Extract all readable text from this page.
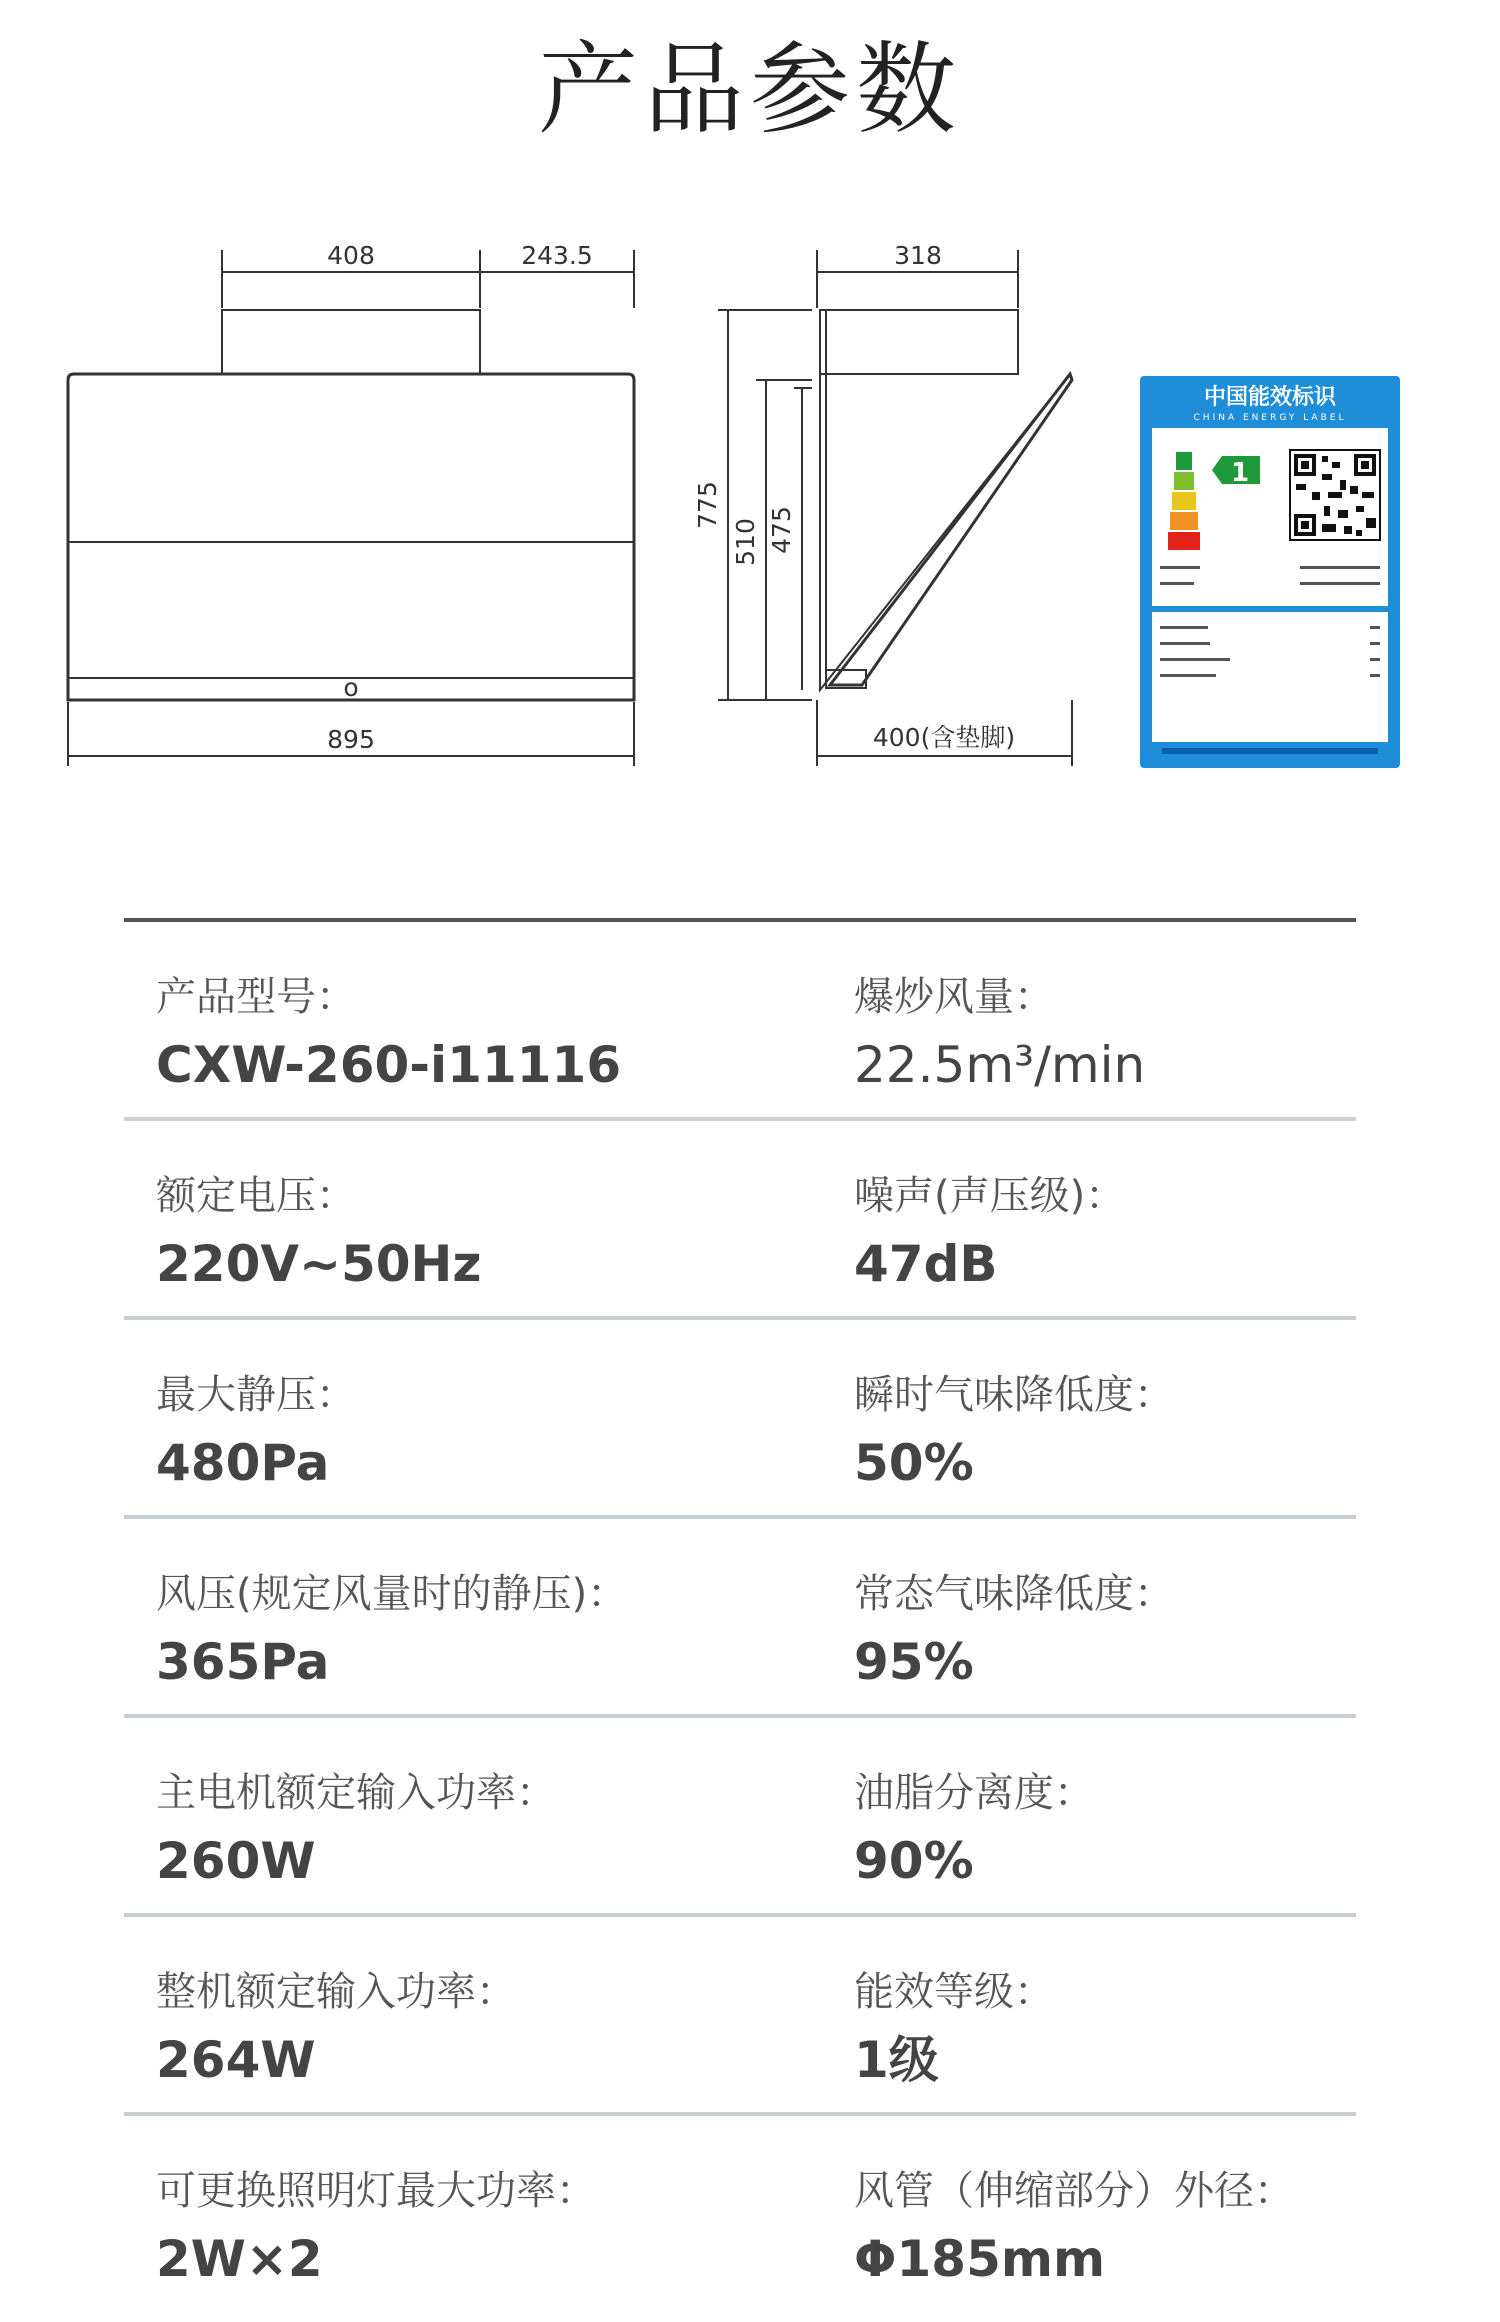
产品参数
408	243.5
895
o
318
775
510 475
400(含垫脚)
中国能效标识
CHINA ENERGY LABEL
1
产品型号：
CXW-260-i11116
爆炒风量：
22.5m³/min
额定电压：
220V~50Hz
噪声(声压级)：
47dB
最大静压：
480Pa
瞬时气味降低度：
50%
风压(规定风量时的静压)：
365Pa
常态气味降低度：
95%
主电机额定输入功率：
260W
油脂分离度：
90%
整机额定输入功率：
264W
能效等级：
1级
可更换照明灯最大功率：
2W×2
风管（伸缩部分）外径：
Φ185mm
